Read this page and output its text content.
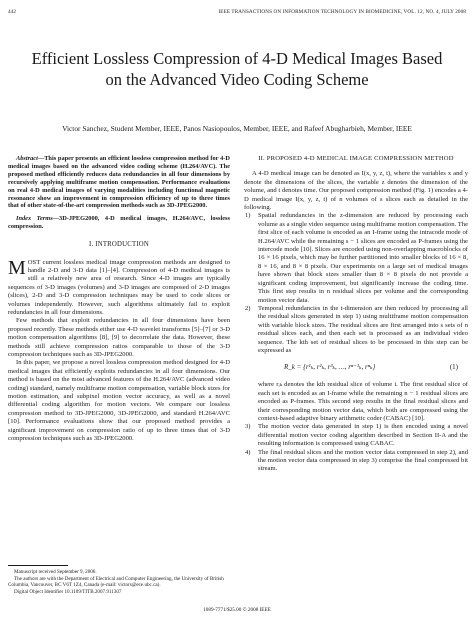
442	IEEE TRANSACTIONS ON INFORMATION TECHNOLOGY IN BIOMEDICINE, VOL. 12, NO. 4, JULY 2008
Efficient Lossless Compression of 4-D Medical Images Based on the Advanced Video Coding Scheme
Victor Sanchez, Student Member, IEEE, Panos Nasiopoulos, Member, IEEE, and Rafeef Abugharbieh, Member, IEEE

Abstract—This paper presents an efficient lossless compression method for 4-D medical images based on the advanced video coding scheme (H.264/AVC). The proposed method efficiently reduces data redundancies in all four dimensions by recursively applying multiframe motion compensation. Performance evaluations on real 4-D medical images of varying modalities including functional magnetic resonance show an improvement in compression efficiency of up to three times that of other state-of-the-art compression methods such as 3D-JPEG2000.

Index Terms—3D-JPEG2000, 4-D medical images, H.264/AVC, lossless compression.

I. INTRODUCTION

MOST current lossless medical image compression methods are designed to handle 2-D and 3-D data [1]–[4]. Compression of 4-D medical images is still a relatively new area of research. Since 4-D images are typically sequences of 3-D images (volumes) and 3-D images are composed of 2-D images (slices), 2-D and 3-D compression techniques may be used to code slices or volumes independently. However, such algorithms ultimately fail to exploit redundancies in all four dimensions.

Few methods that exploit redundancies in all four dimensions have been proposed recently. These methods either use 4-D wavelet transforms [5]–[7] or 3-D motion compensation algorithms [8], [9] to decorrelate the data. However, these methods still achieve compression ratios comparable to those of the 3-D compression techniques such as 3D-JPEG2000.

In this paper, we propose a novel lossless compression method designed for 4-D medical images that efficiently exploits redundancies in all four dimensions. Our method is based on the most advanced features of the H.264/AVC (advanced video coding) standard, namely multiframe motion compensation, variable block sizes for motion estimation, and subpixel motion vector accuracy, as well as a novel differential coding algorithm for motion vectors. We compare our lossless compression method to 3D-JPEG2000, 3D-JPEG2000, and standard H.264/AVC [10]. Performance evaluations show that our proposed method provides a significant improvement on compression ratio of up to three times that of 3-D compression techniques such as 3D-JPEG2000.

Manuscript received September 9, 2006.

The authors are with the Department of Electrical and Computer Engineering, the University of British Columbia, Vancouver, BC V6T 1Z4, Canada (e-mail: victors@ece.ubc.ca).

Digital Object Identifier 10.1109/TITB.2007.911307

II. PROPOSED 4-D MEDICAL IMAGE COMPRESSION METHOD

A 4-D medical image can be denoted as I(x, y, z, t), where the variables x and y denote the dimensions of the slices, the variable z denotes the dimension of the volume, and t denotes time. Our proposed compression method (Fig. 1) encodes a 4-D medical image I(x, y, z, t) of n volumes of s slices each as detailed in the following.

1) Spatial redundancies in the z-dimension are reduced by processing each volume as a single video sequence using multiframe motion compensation. The first slice of each volume is encoded as an I-frame using the intracode mode of H.264/AVC while the remaining s − 1 slices are encoded as P-frames using the intercode mode [10]. Slices are encoded using non-overlapping macroblocks of 16 × 16 pixels, which may be further partitioned into smaller blocks of 16 × 8, 8 × 16, and 8 × 8 pixels. Our experiments on a large set of medical images have shown that block sizes smaller than 8 × 8 pixels do not provide a significant coding improvement, but significantly increase the coding time. This first step results in n residual slices per volume and the corresponding motion vector data.

2) Temporal redundancies in the t-dimension are then reduced by processing all the residual slices generated in step 1) using multiframe motion compensation with variable block sizes. The residual slices are first arranged into s sets of n residual slices each, and then each set is processed as an individual video sequence. The kth set of residual slices to be processed in this step can be expressed as

R_k = {r¹ₖ, r²ₖ, r³ₖ, …, rⁿ⁻¹ₖ, rⁿₖ}	(1)

where rᵢₖ denotes the kth residual slice of volume i. The first residual slice of each set is encoded as an I-frame while the remaining n − 1 residual slices are encoded as P-frames. This second step results in the final residual slices and their corresponding motion vector data, which both are compressed using the context-based adaptive binary arithmetic coder (CABAC) [10].

3) The motion vector data generated in step 1) is then encoded using a novel differential motion vector coding algorithm described in Section II-A and the resulting information is compressed using CABAC.

4) The final residual slices and the motion vector data compressed in step 2), and the motion vector data compressed in step 3) comprise the final compressed bit stream.

1089-7771/$25.00 © 2008 IEEE
